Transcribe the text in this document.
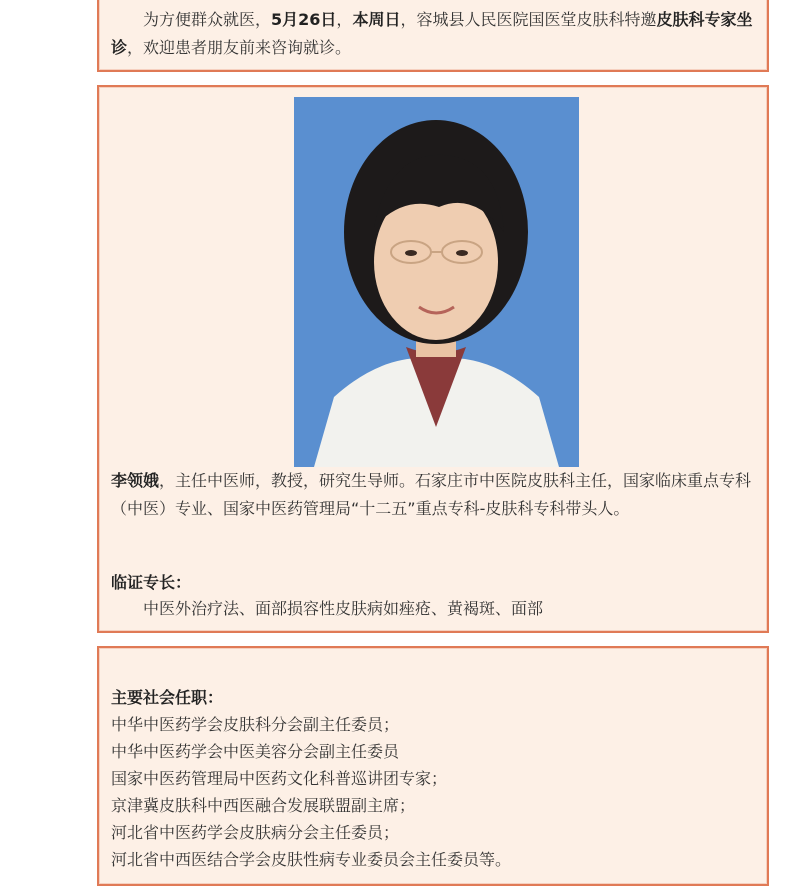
为方便群众就医，5月26日，本周日，容城县人民医院国医堂皮肤科特邀皮肤科专家坐诊，欢迎患者朋友前来咨询就诊。

李领娥，主任中医师，教授，研究生导师。石家庄市中医院皮肤科主任，国家临床重点专科（中医）专业、国家中医药管理局“十二五”重点专科-皮肤科专科带头人。

临证专长：

中医外治疗法、面部损容性皮肤病如痤疮、黄褐斑、面部

主要社会任职：
中华中医药学会皮肤科分会副主任委员；
中华中医药学会中医美容分会副主任委员
国家中医药管理局中医药文化科普巡讲团专家；
京津冀皮肤科中西医融合发展联盟副主席；
河北省中医药学会皮肤病分会主任委员；
河北省中西医结合学会皮肤性病专业委员会主任委员等。
